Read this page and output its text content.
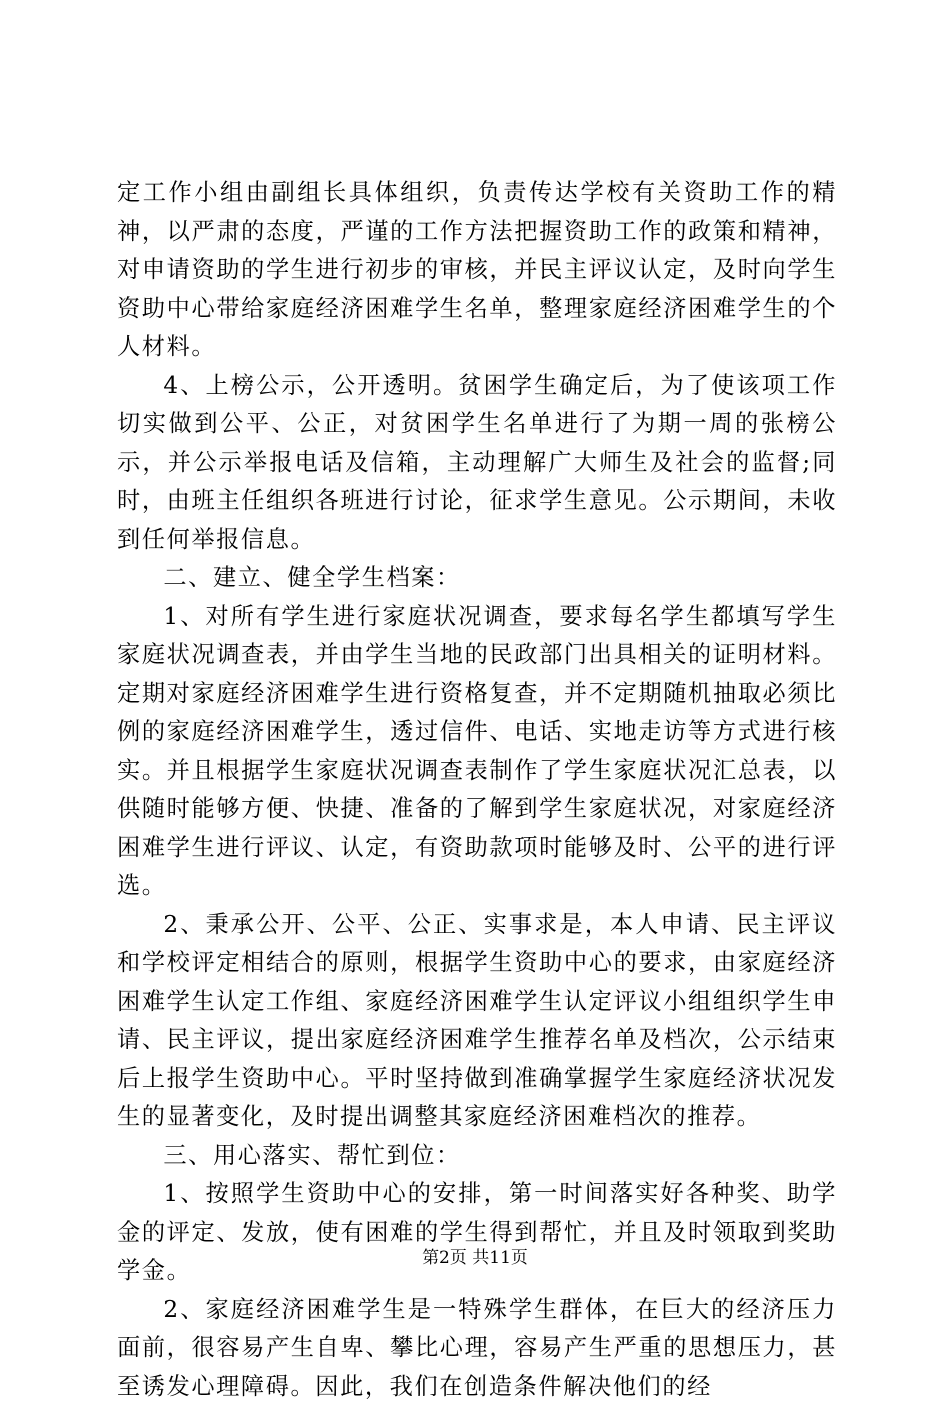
定工作小组由副组长具体组织，负责传达学校有关资助工作的精神，以严肃的态度，严谨的工作方法把握资助工作的政策和精神，对申请资助的学生进行初步的审核，并民主评议认定，及时向学生资助中心带给家庭经济困难学生名单，整理家庭经济困难学生的个人材料。

4、上榜公示，公开透明。贫困学生确定后，为了使该项工作切实做到公平、公正，对贫困学生名单进行了为期一周的张榜公示，并公示举报电话及信箱，主动理解广大师生及社会的监督;同时，由班主任组织各班进行讨论，征求学生意见。公示期间，未收到任何举报信息。

二、建立、健全学生档案：

1、对所有学生进行家庭状况调查，要求每名学生都填写学生家庭状况调查表，并由学生当地的民政部门出具相关的证明材料。定期对家庭经济困难学生进行资格复查，并不定期随机抽取必须比例的家庭经济困难学生，透过信件、电话、实地走访等方式进行核实。并且根据学生家庭状况调查表制作了学生家庭状况汇总表，以供随时能够方便、快捷、准备的了解到学生家庭状况，对家庭经济困难学生进行评议、认定，有资助款项时能够及时、公平的进行评选。

2、秉承公开、公平、公正、实事求是，本人申请、民主评议和学校评定相结合的原则，根据学生资助中心的要求，由家庭经济困难学生认定工作组、家庭经济困难学生认定评议小组组织学生申请、民主评议，提出家庭经济困难学生推荐名单及档次，公示结束后上报学生资助中心。平时坚持做到准确掌握学生家庭经济状况发生的显著变化，及时提出调整其家庭经济困难档次的推荐。

三、用心落实、帮忙到位：

1、按照学生资助中心的安排，第一时间落实好各种奖、助学金的评定、发放，使有困难的学生得到帮忙，并且及时领取到奖助学金。

2、家庭经济困难学生是一特殊学生群体，在巨大的经济压力面前，很容易产生自卑、攀比心理，容易产生严重的思想压力，甚至诱发心理障碍。因此，我们在创造条件解决他们的经

第2页 共11页
